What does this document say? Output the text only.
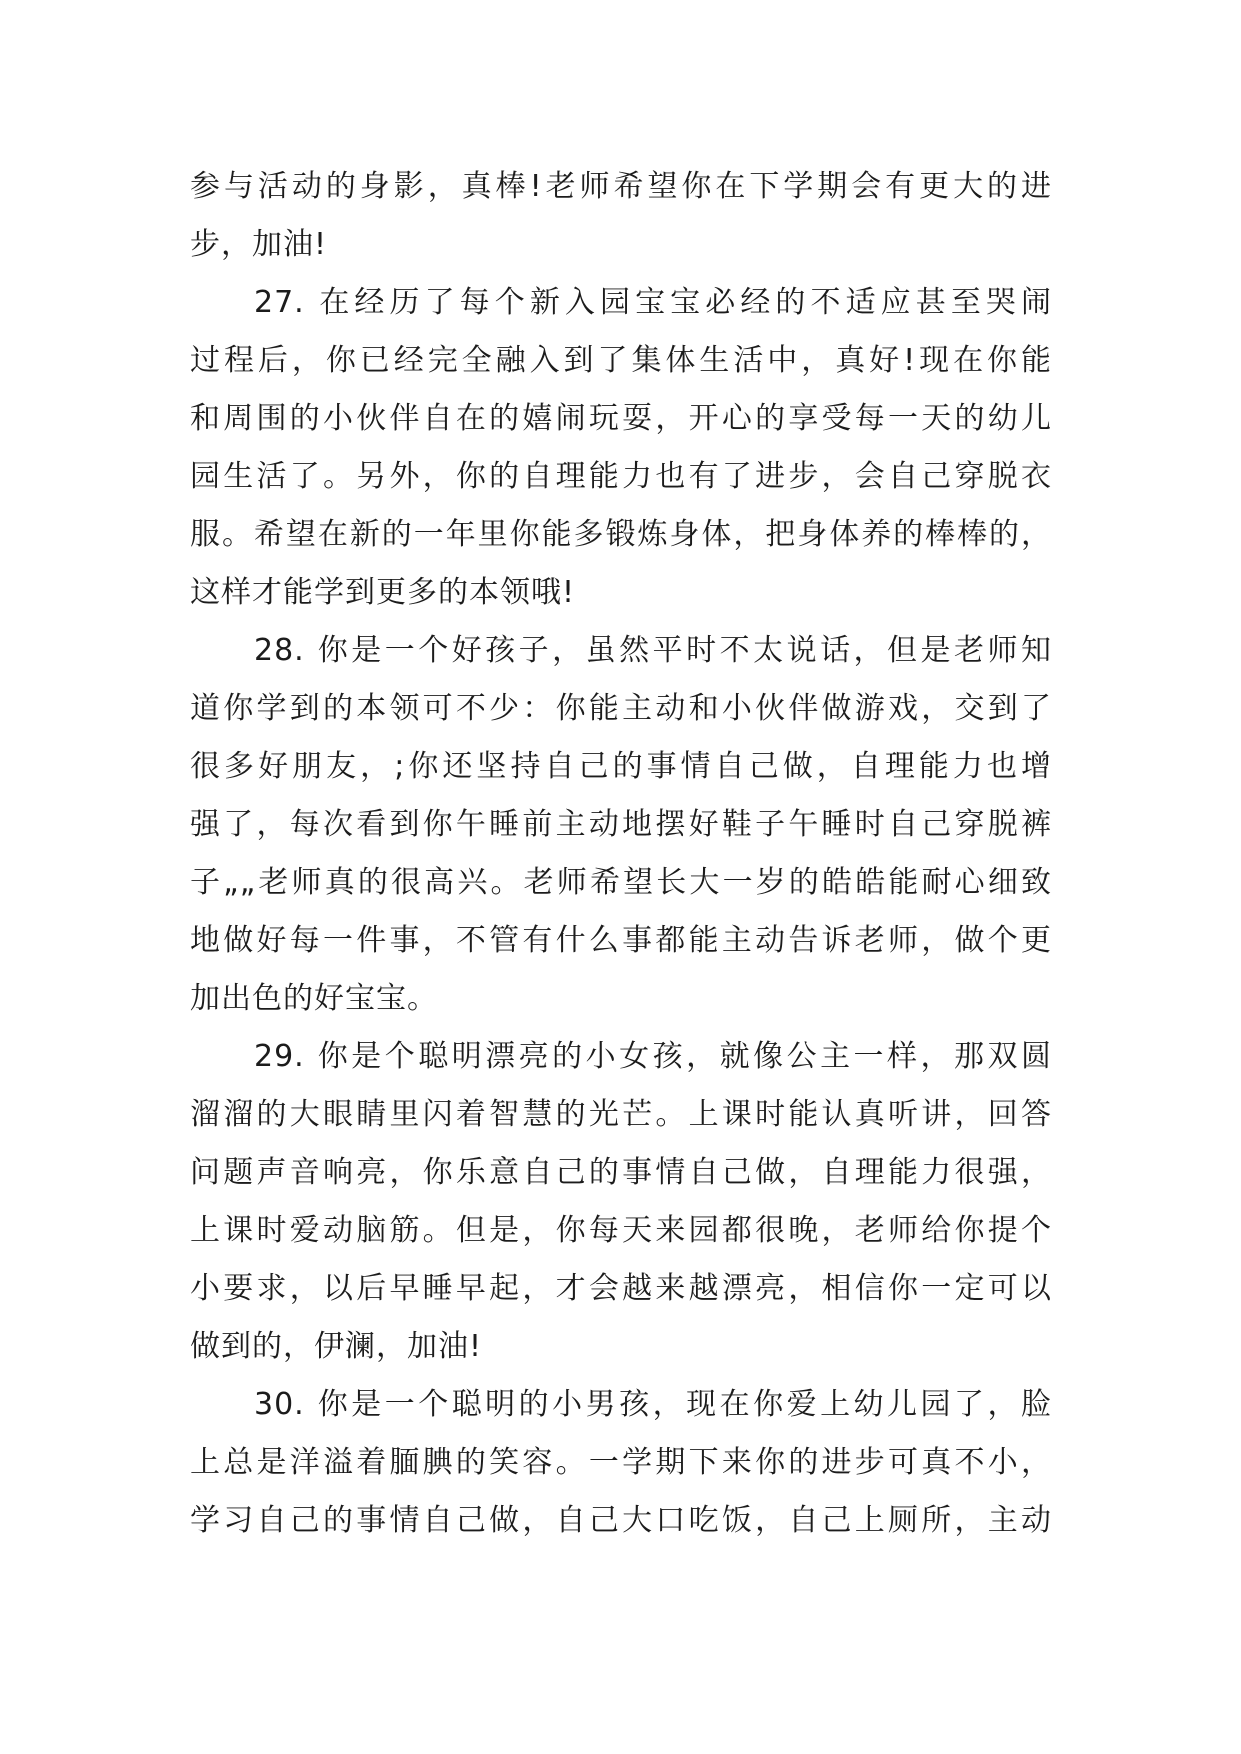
参与活动的身影，真棒!老师希望你在下学期会有更大的进
步，加油!
27. 在经历了每个新入园宝宝必经的不适应甚至哭闹
过程后，你已经完全融入到了集体生活中，真好!现在你能
和周围的小伙伴自在的嬉闹玩耍，开心的享受每一天的幼儿
园生活了。另外，你的自理能力也有了进步，会自己穿脱衣
服。希望在新的一年里你能多锻炼身体，把身体养的棒棒的，
这样才能学到更多的本领哦!
28. 你是一个好孩子，虽然平时不太说话，但是老师知
道你学到的本领可不少：你能主动和小伙伴做游戏，交到了
很多好朋友，;你还坚持自己的事情自己做，自理能力也增
强了，每次看到你午睡前主动地摆好鞋子午睡时自己穿脱裤
子„„老师真的很高兴。老师希望长大一岁的皓皓能耐心细致
地做好每一件事，不管有什么事都能主动告诉老师，做个更
加出色的好宝宝。
29. 你是个聪明漂亮的小女孩，就像公主一样，那双圆
溜溜的大眼睛里闪着智慧的光芒。上课时能认真听讲，回答
问题声音响亮，你乐意自己的事情自己做，自理能力很强，
上课时爱动脑筋。但是，你每天来园都很晚，老师给你提个
小要求，以后早睡早起，才会越来越漂亮，相信你一定可以
做到的，伊澜，加油!
30. 你是一个聪明的小男孩，现在你爱上幼儿园了，脸
上总是洋溢着腼腆的笑容。一学期下来你的进步可真不小，
学习自己的事情自己做，自己大口吃饭，自己上厕所，主动
